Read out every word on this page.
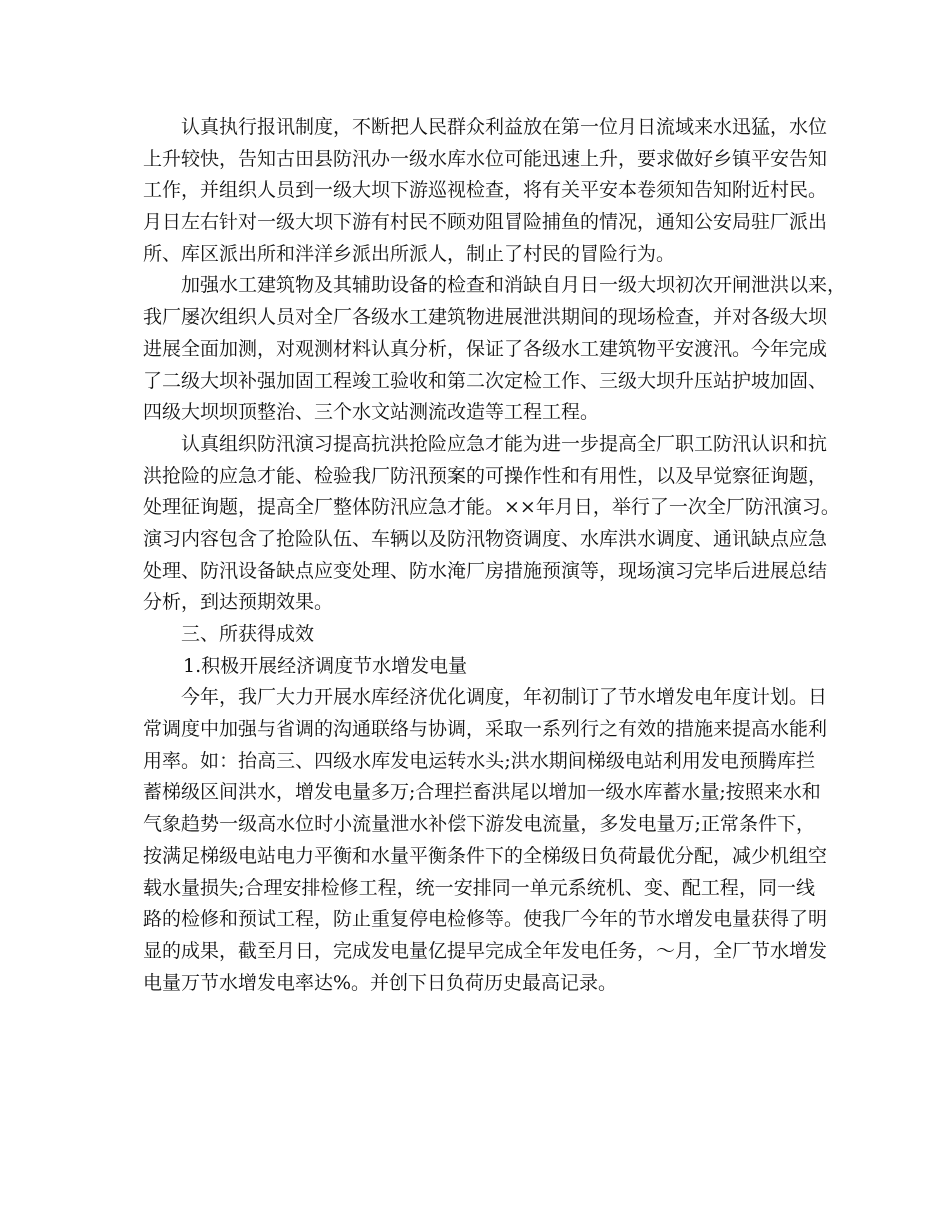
认真执行报讯制度，不断把人民群众利益放在第一位月日流域来水迅猛，水位
上升较快，告知古田县防汛办一级水库水位可能迅速上升，要求做好乡镇平安告知
工作，并组织人员到一级大坝下游巡视检查，将有关平安本卷须知告知附近村民。
月日左右针对一级大坝下游有村民不顾劝阻冒险捕鱼的情况，通知公安局驻厂派出
所、库区派出所和泮洋乡派出所派人，制止了村民的冒险行为。
加强水工建筑物及其辅助设备的检查和消缺自月日一级大坝初次开闸泄洪以来，
我厂屡次组织人员对全厂各级水工建筑物进展泄洪期间的现场检查，并对各级大坝
进展全面加测，对观测材料认真分析，保证了各级水工建筑物平安渡汛。今年完成
了二级大坝补强加固工程竣工验收和第二次定检工作、三级大坝升压站护坡加固、
四级大坝坝顶整治、三个水文站测流改造等工程工程。
认真组织防汛演习提高抗洪抢险应急才能为进一步提高全厂职工防汛认识和抗
洪抢险的应急才能、检验我厂防汛预案的可操作性和有用性，以及早觉察征询题，
处理征询题，提高全厂整体防汛应急才能。××年月日，举行了一次全厂防汛演习。
演习内容包含了抢险队伍、车辆以及防汛物资调度、水库洪水调度、通讯缺点应急
处理、防汛设备缺点应变处理、防水淹厂房措施预演等，现场演习完毕后进展总结
分析，到达预期效果。
三、所获得成效
1.积极开展经济调度节水增发电量
今年，我厂大力开展水库经济优化调度，年初制订了节水增发电年度计划。日
常调度中加强与省调的沟通联络与协调，采取一系列行之有效的措施来提高水能利
用率。如：抬高三、四级水库发电运转水头;洪水期间梯级电站利用发电预腾库拦
蓄梯级区间洪水，增发电量多万;合理拦畜洪尾以增加一级水库蓄水量;按照来水和
气象趋势一级高水位时小流量泄水补偿下游发电流量，多发电量万;正常条件下，
按满足梯级电站电力平衡和水量平衡条件下的全梯级日负荷最优分配，减少机组空
载水量损失;合理安排检修工程，统一安排同一单元系统机、变、配工程，同一线
路的检修和预试工程，防止重复停电检修等。使我厂今年的节水增发电量获得了明
显的成果，截至月日，完成发电量亿提早完成全年发电任务，～月，全厂节水增发
电量万节水增发电率达%。并创下日负荷历史最高记录。
